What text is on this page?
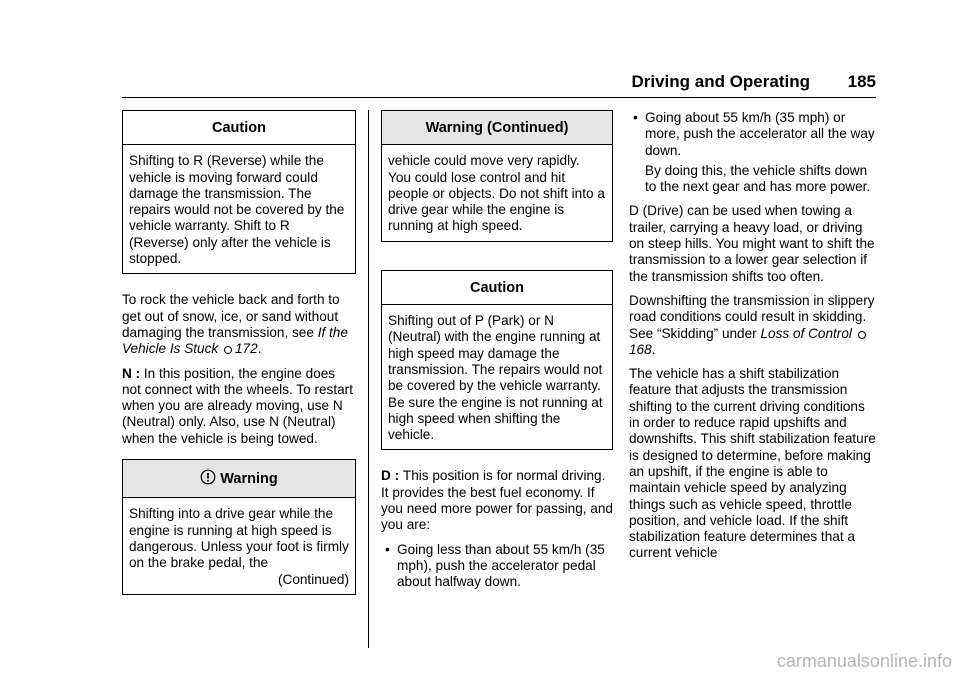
Driving and Operating 185
Caution

Shifting to R (Reverse) while the vehicle is moving forward could damage the transmission. The repairs would not be covered by the vehicle warranty. Shift to R (Reverse) only after the vehicle is stopped.

To rock the vehicle back and forth to get out of snow, ice, or sand without damaging the transmission, see If the Vehicle Is Stuck 172.

N : In this position, the engine does not connect with the wheels. To restart when you are already moving, use N (Neutral) only. Also, use N (Neutral) when the vehicle is being towed.

Warning

Shifting into a drive gear while the engine is running at high speed is dangerous. Unless your foot is firmly on the brake pedal, the

(Continued)

Warning (Continued)

vehicle could move very rapidly. You could lose control and hit people or objects. Do not shift into a drive gear while the engine is running at high speed.

Caution

Shifting out of P (Park) or N (Neutral) with the engine running at high speed may damage the transmission. The repairs would not be covered by the vehicle warranty. Be sure the engine is not running at high speed when shifting the vehicle.

D : This position is for normal driving. It provides the best fuel economy. If you need more power for passing, and you are:

• Going less than about 55 km/h (35 mph), push the accelerator pedal about halfway down.
• Going about 55 km/h (35 mph) or more, push the accelerator all the way down.

By doing this, the vehicle shifts down to the next gear and has more power.

D (Drive) can be used when towing a trailer, carrying a heavy load, or driving on steep hills. You might want to shift the transmission to a lower gear selection if the transmission shifts too often.

Downshifting the transmission in slippery road conditions could result in skidding. See “Skidding” under Loss of Control 168.

The vehicle has a shift stabilization feature that adjusts the transmission shifting to the current driving conditions in order to reduce rapid upshifts and downshifts. This shift stabilization feature is designed to determine, before making an upshift, if the engine is able to maintain vehicle speed by analyzing things such as vehicle speed, throttle position, and vehicle load. If the shift stabilization feature determines that a current vehicle

carmanualsonline.info
